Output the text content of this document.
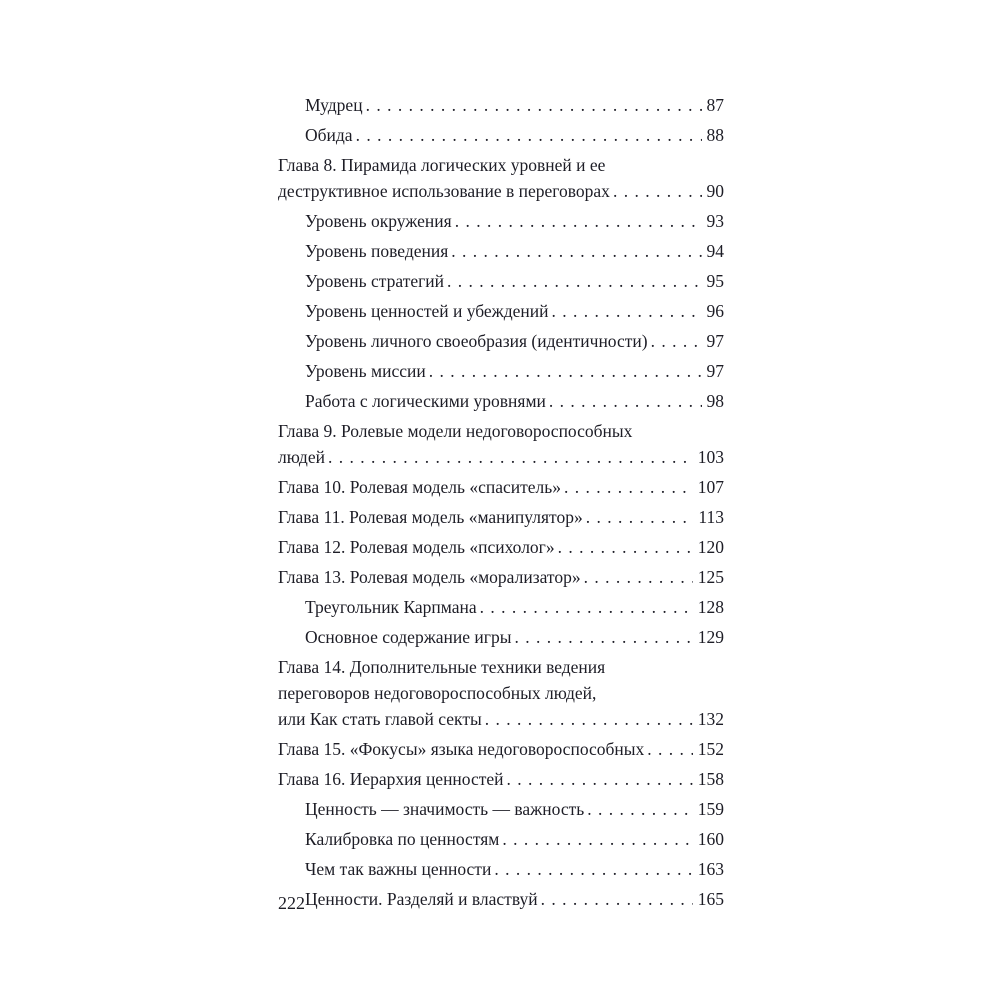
Мудрец . . .	87
Обида . . .	88
Глава 8. Пирамида логических уровней и ее
деструктивное использование в переговорах . . .	90
Уровень окружения . . .	93
Уровень поведения . . .	94
Уровень стратегий . . .	95
Уровень ценностей и убеждений . . .	96
Уровень личного своеобразия (идентичности) . . .	97
Уровень миссии . . .	97
Работа с логическими уровнями . . .	98
Глава 9. Ролевые модели недоговороспособных
людей . . .	103
Глава 10. Ролевая модель «спаситель» . . .	107
Глава 11. Ролевая модель «манипулятор» . . .	113
Глава 12. Ролевая модель «психолог» . . .	120
Глава 13. Ролевая модель «морализатор» . . .	125
Треугольник Карпмана . . .	128
Основное содержание игры . . .	129
Глава 14. Дополнительные техники ведения
переговоров недоговороспособных людей,
или Как стать главой секты . . .	132
Глава 15. «Фокусы» языка недоговороспособных . . .	152
Глава 16. Иерархия ценностей . . .	158
Ценность — значимость — важность . . .	159
Калибровка по ценностям . . .	160
Чем так важны ценности . . .	163
Ценности. Разделяй и властвуй . . .	165
222
